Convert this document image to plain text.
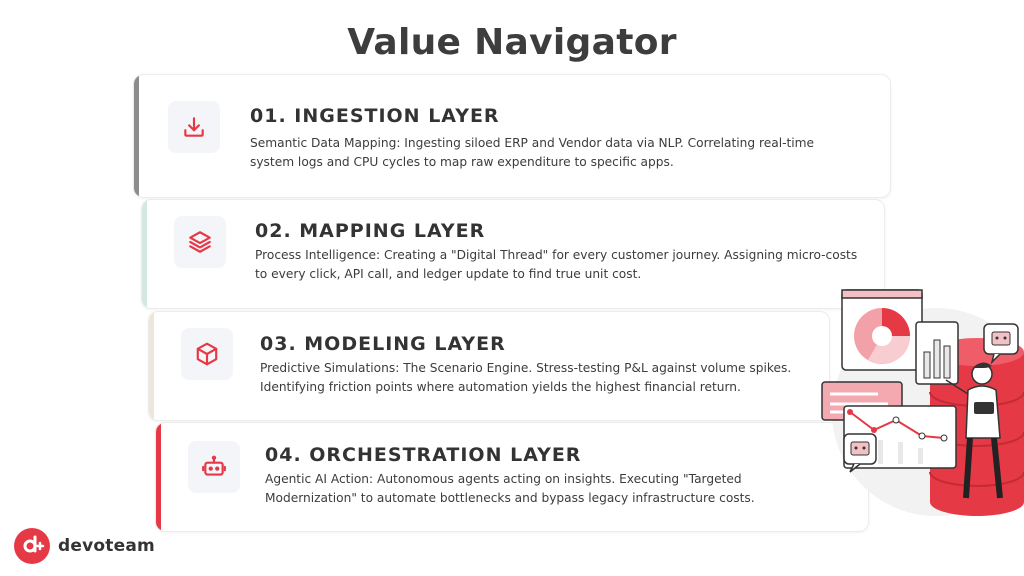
Value Navigator
01. INGESTION LAYER
Semantic Data Mapping: Ingesting siloed ERP and Vendor data via NLP. Correlating real-time system logs and CPU cycles to map raw expenditure to specific apps.
02. MAPPING LAYER
Process Intelligence: Creating a "Digital Thread" for every customer journey. Assigning micro-costs to every click, API call, and ledger update to find true unit cost.
03. MODELING LAYER
Predictive Simulations: The Scenario Engine. Stress-testing P&L against volume spikes. Identifying friction points where automation yields the highest financial return.
04. ORCHESTRATION LAYER
Agentic AI Action: Autonomous agents acting on insights. Executing "Targeted Modernization" to automate bottlenecks and bypass legacy infrastructure costs.
devoteam
